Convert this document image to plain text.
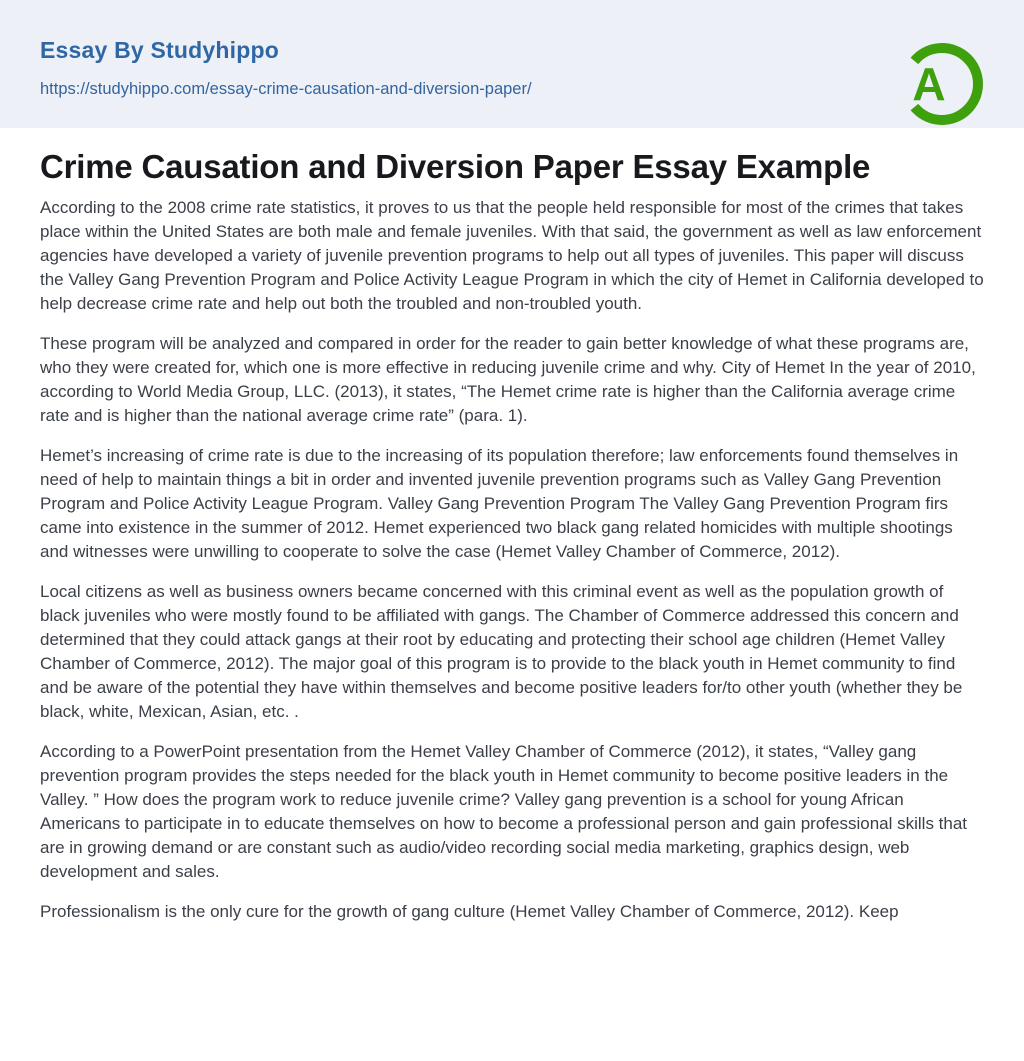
Essay By Studyhippo
https://studyhippo.com/essay-crime-causation-and-diversion-paper/	A
Crime Causation and Diversion Paper Essay Example

According to the 2008 crime rate statistics, it proves to us that the people held responsible for most of the crimes that takes place within the United States are both male and female juveniles. With that said, the government as well as law enforcement agencies have developed a variety of juvenile prevention programs to help out all types of juveniles. This paper will discuss the Valley Gang Prevention Program and Police Activity League Program in which the city of Hemet in California developed to help decrease crime rate and help out both the troubled and non-troubled youth.

These program will be analyzed and compared in order for the reader to gain better knowledge of what these programs are, who they were created for, which one is more effective in reducing juvenile crime and why. City of Hemet In the year of 2010, according to World Media Group, LLC. (2013), it states, “The Hemet crime rate is higher than the California average crime rate and is higher than the national average crime rate” (para. 1).

Hemet’s increasing of crime rate is due to the increasing of its population therefore; law enforcements found themselves in need of help to maintain things a bit in order and invented juvenile prevention programs such as Valley Gang Prevention Program and Police Activity League Program. Valley Gang Prevention Program The Valley Gang Prevention Program firs came into existence in the summer of 2012. Hemet experienced two black gang related homicides with multiple shootings and witnesses were unwilling to cooperate to solve the case (Hemet Valley Chamber of Commerce, 2012).

Local citizens as well as business owners became concerned with this criminal event as well as the population growth of black juveniles who were mostly found to be affiliated with gangs. The Chamber of Commerce addressed this concern and determined that they could attack gangs at their root by educating and protecting their school age children (Hemet Valley Chamber of Commerce, 2012). The major goal of this program is to provide to the black youth in Hemet community to find and be aware of the potential they have within themselves and become positive leaders for/to other youth (whether they be black, white, Mexican, Asian, etc. .

According to a PowerPoint presentation from the Hemet Valley Chamber of Commerce (2012), it states, “Valley gang prevention program provides the steps needed for the black youth in Hemet community to become positive leaders in the Valley. ” How does the program work to reduce juvenile crime? Valley gang prevention is a school for young African Americans to participate in to educate themselves on how to become a professional person and gain professional skills that are in growing demand or are constant such as audio/video recording social media marketing, graphics design, web development and sales.

Professionalism is the only cure for the growth of gang culture (Hemet Valley Chamber of Commerce, 2012). Keep
